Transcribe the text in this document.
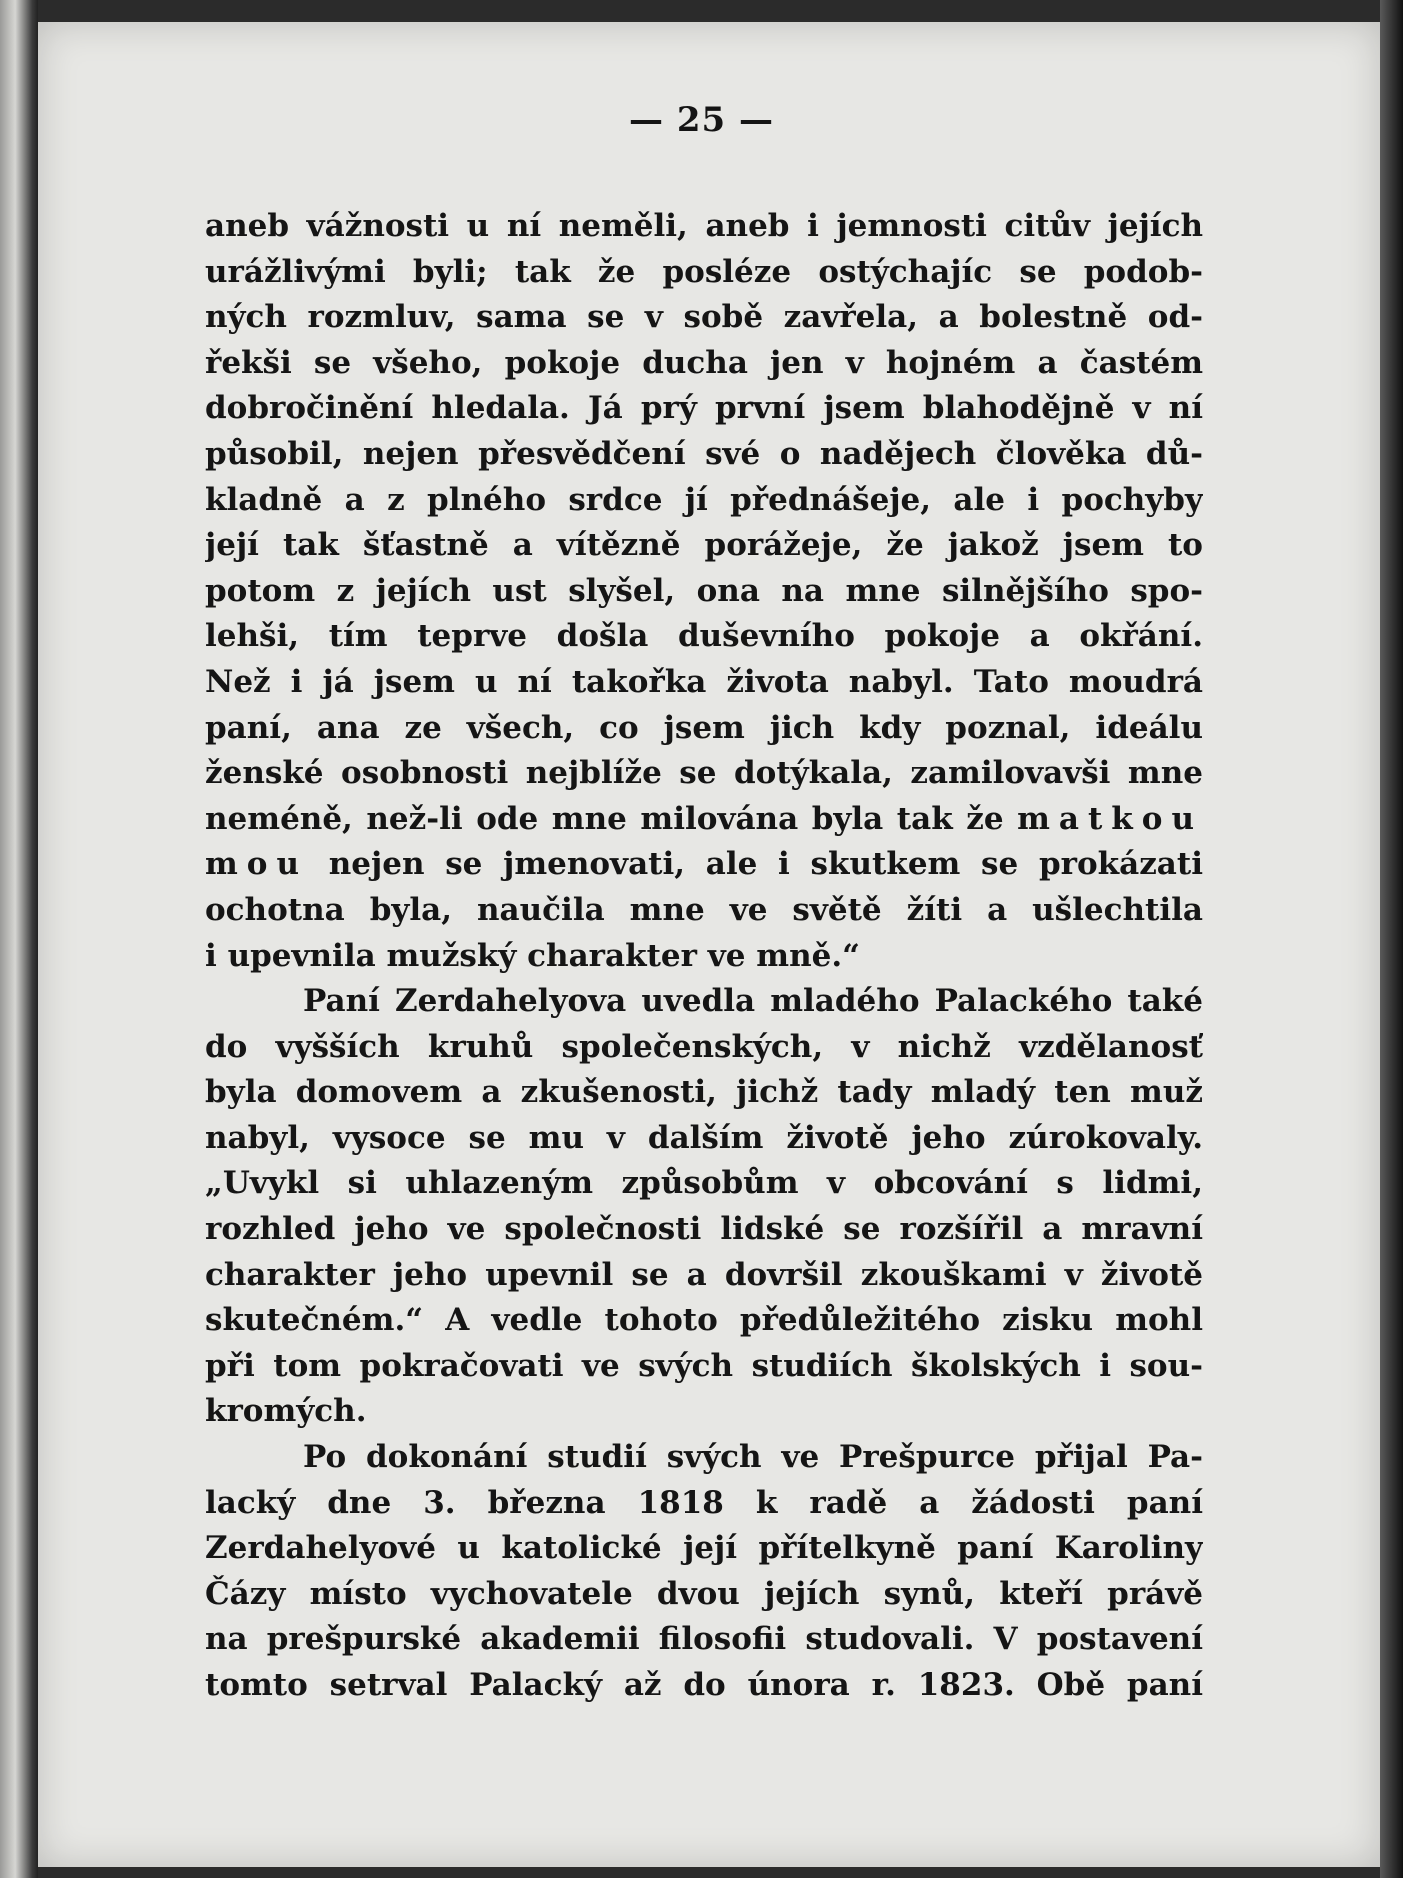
— 25 —
aneb vážnosti u ní neměli, aneb i jemnosti citův jejích
urážlivými byli; tak že posléze ostýchajíc se podob-
ných rozmluv, sama se v sobě zavřela, a bolestně od-
řekši se všeho, pokoje ducha jen v hojném a častém
dobročinění hledala. Já prý první jsem blahodějně v ní
působil, nejen přesvědčení své o nadějech člověka dů-
kladně a z plného srdce jí přednášeje, ale i pochyby
její tak šťastně a vítězně porážeje, že jakož jsem to
potom z jejích ust slyšel, ona na mne silnějšího spo-
lehši, tím teprve došla duševního pokoje a okřání.
Než i já jsem u ní takořka života nabyl. Tato moudrá
paní, ana ze všech, co jsem jich kdy poznal, ideálu
ženské osobnosti nejblíže se dotýkala, zamilovavši mne
neméně, než-li ode mne milována byla tak že matkou
mou nejen se jmenovati, ale i skutkem se prokázati
ochotna byla, naučila mne ve světě žíti a ušlechtila
i upevnila mužský charakter ve mně.“
Paní Zerdahelyova uvedla mladého Palackého také
do vyšších kruhů společenských, v nichž vzdělanosť
byla domovem a zkušenosti, jichž tady mladý ten muž
nabyl, vysoce se mu v dalším životě jeho zúrokovaly.
„Uvykl si uhlazeným způsobům v obcování s lidmi,
rozhled jeho ve společnosti lidské se rozšířil a mravní
charakter jeho upevnil se a dovršil zkouškami v životě
skutečném.“ A vedle tohoto předůležitého zisku mohl
při tom pokračovati ve svých studiích školských i sou-
kromých.
Po dokonání studií svých ve Prešpurce přijal Pa-
lacký dne 3. března 1818 k radě a žádosti paní
Zerdahelyové u katolické její přítelkyně paní Karoliny
Čázy místo vychovatele dvou jejích synů, kteří právě
na prešpurské akademii filosofii studovali. V postavení
tomto setrval Palacký až do února r. 1823. Obě paní
